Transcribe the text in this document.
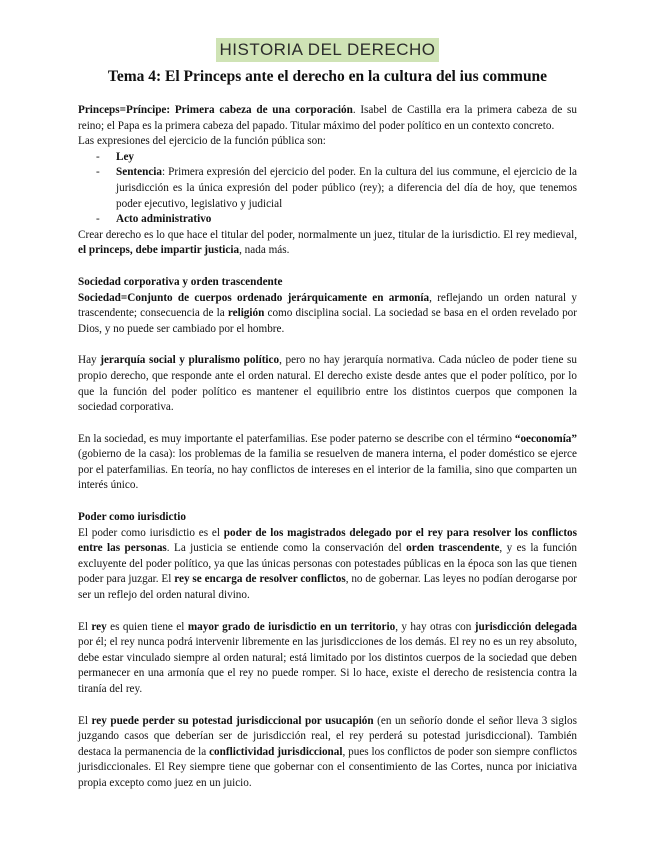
HISTORIA DEL DERECHO
Tema 4: El Princeps ante el derecho en la cultura del ius commune

Princeps=Príncipe: Primera cabeza de una corporación. Isabel de Castilla era la primera cabeza de su reino; el Papa es la primera cabeza del papado. Titular máximo del poder político en un contexto concreto.

Las expresiones del ejercicio de la función pública son:

- Ley
- Sentencia: Primera expresión del ejercicio del poder. En la cultura del ius commune, el ejercicio de la jurisdicción es la única expresión del poder público (rey); a diferencia del día de hoy, que tenemos poder ejecutivo, legislativo y judicial
- Acto administrativo

Crear derecho es lo que hace el titular del poder, normalmente un juez, titular de la iurisdictio. El rey medieval, el princeps, debe impartir justicia, nada más.

Sociedad corporativa y orden trascendente

Sociedad=Conjunto de cuerpos ordenado jerárquicamente en armonía, reflejando un orden natural y trascendente; consecuencia de la religión como disciplina social. La sociedad se basa en el orden revelado por Dios, y no puede ser cambiado por el hombre.

Hay jerarquía social y pluralismo político, pero no hay jerarquía normativa. Cada núcleo de poder tiene su propio derecho, que responde ante el orden natural. El derecho existe desde antes que el poder político, por lo que la función del poder político es mantener el equilibrio entre los distintos cuerpos que componen la sociedad corporativa.

En la sociedad, es muy importante el paterfamilias. Ese poder paterno se describe con el término “oeconomía” (gobierno de la casa): los problemas de la familia se resuelven de manera interna, el poder doméstico se ejerce por el paterfamilias. En teoría, no hay conflictos de intereses en el interior de la familia, sino que comparten un interés único.

Poder como iurisdictio

El poder como iurisdictio es el poder de los magistrados delegado por el rey para resolver los conflictos entre las personas. La justicia se entiende como la conservación del orden trascendente, y es la función excluyente del poder político, ya que las únicas personas con potestades públicas en la época son las que tienen poder para juzgar. El rey se encarga de resolver conflictos, no de gobernar. Las leyes no podían derogarse por ser un reflejo del orden natural divino.

El rey es quien tiene el mayor grado de iurisdictio en un territorio, y hay otras con jurisdicción delegada por él; el rey nunca podrá intervenir libremente en las jurisdicciones de los demás. El rey no es un rey absoluto, debe estar vinculado siempre al orden natural; está limitado por los distintos cuerpos de la sociedad que deben permanecer en una armonía que el rey no puede romper. Si lo hace, existe el derecho de resistencia contra la tiranía del rey.

El rey puede perder su potestad jurisdiccional por usucapión (en un señorío donde el señor lleva 3 siglos juzgando casos que deberían ser de jurisdicción real, el rey perderá su potestad jurisdiccional). También destaca la permanencia de la conflictividad jurisdiccional, pues los conflictos de poder son siempre conflictos jurisdiccionales. El Rey siempre tiene que gobernar con el consentimiento de las Cortes, nunca por iniciativa propia excepto como juez en un juicio.
